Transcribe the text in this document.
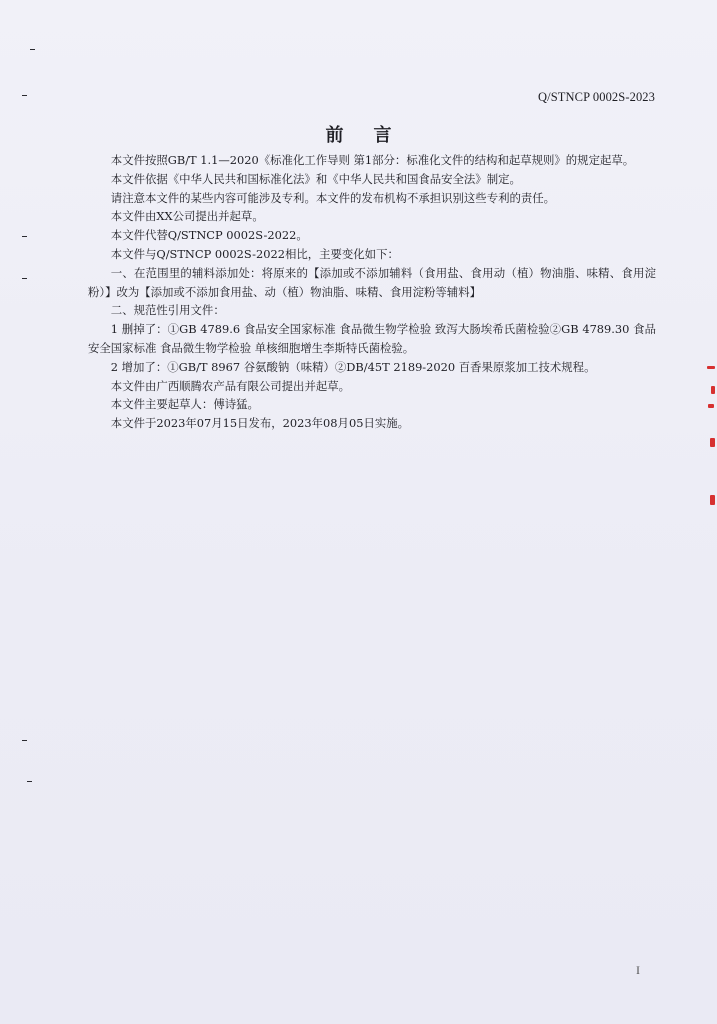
Q/STNCP 0002S-2023
前 言

本文件按照GB/T 1.1—2020《标准化工作导则 第1部分：标准化文件的结构和起草规则》的规定起草。

本文件依据《中华人民共和国标准化法》和《中华人民共和国食品安全法》制定。

请注意本文件的某些内容可能涉及专利。本文件的发布机构不承担识别这些专利的责任。

本文件由XX公司提出并起草。

本文件代替Q/STNCP 0002S-2022。

本文件与Q/STNCP 0002S-2022相比，主要变化如下：

一、在范围里的辅料添加处：将原来的【添加或不添加辅料（食用盐、食用动（植）物油脂、味精、食用淀粉）】改为【添加或不添加食用盐、动（植）物油脂、味精、食用淀粉等辅料】

二、规范性引用文件：

1 删掉了：①GB 4789.6 食品安全国家标准 食品微生物学检验 致泻大肠埃希氏菌检验②GB 4789.30 食品安全国家标准 食品微生物学检验 单核细胞增生李斯特氏菌检验。

2 增加了：①GB/T 8967 谷氨酸钠（味精）②DB/45T 2189-2020 百香果原浆加工技术规程。

本文件由广西顺腾农产品有限公司提出并起草。

本文件主要起草人：傅诗猛。

本文件于2023年07月15日发布，2023年08月05日实施。

I
